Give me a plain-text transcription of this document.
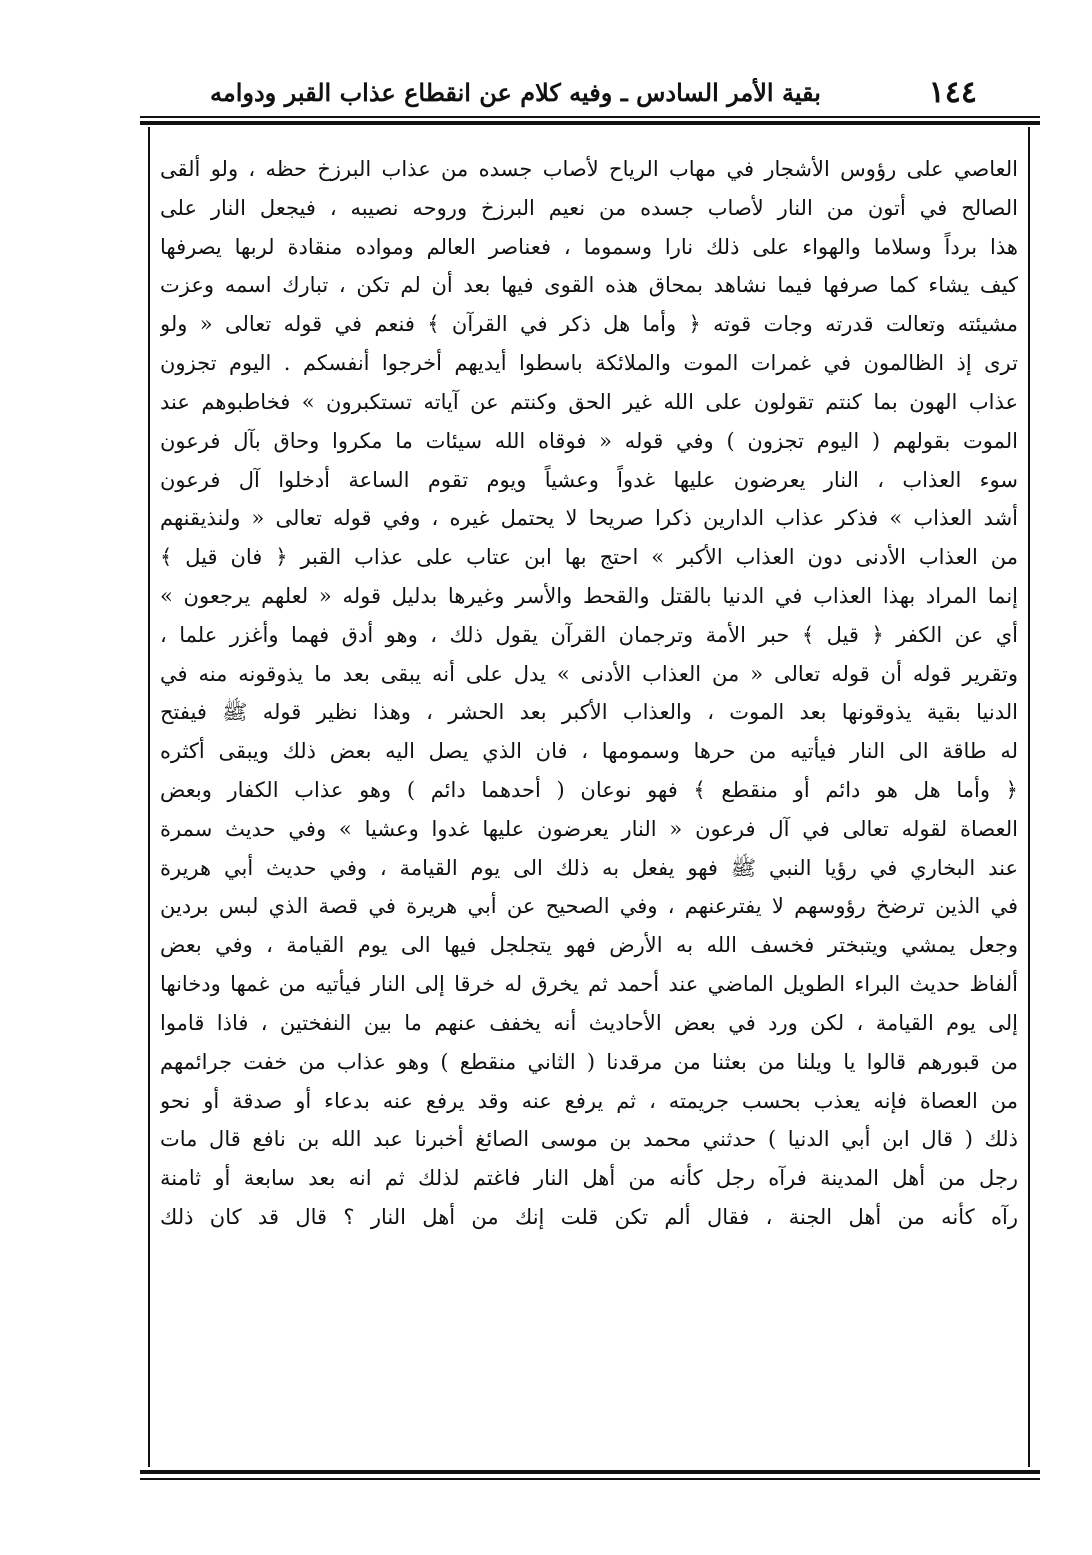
١٤٤
بقية الأمر السادس ـ وفيه كلام عن انقطاع عذاب القبر ودوامه
العاصي على رؤوس الأشجار في مهاب الرياح لأصاب جسده من عذاب البرزخ حظه ، ولو ألقى
الصالح في أتون من النار لأصاب جسده من نعيم البرزخ وروحه نصيبه ، فيجعل النار على
هذا برداً وسلاما والهواء على ذلك نارا وسموما ، فعناصر العالم ومواده منقادة لربها يصرفها
كيف يشاء كما صرفها فيما نشاهد بمحاق هذه القوى فيها بعد أن لم تكن ، تبارك اسمه وعزت
مشيئته وتعالت قدرته وجات قوته ﴿ وأما هل ذكر في القرآن ﴾ فنعم في قوله تعالى « ولو
ترى إذ الظالمون في غمرات الموت والملائكة باسطوا أيديهم أخرجوا أنفسكم . اليوم تجزون
عذاب الهون بما كنتم تقولون على الله غير الحق وكنتم عن آياته تستكبرون » فخاطبوهم عند
الموت بقولهم ( اليوم تجزون ) وفي قوله « فوقاه الله سيئات ما مكروا وحاق بآل فرعون
سوء العذاب ، النار يعرضون عليها غدواً وعشياً ويوم تقوم الساعة أدخلوا آل فرعون
أشد العذاب » فذكر عذاب الدارين ذكرا صريحا لا يحتمل غيره ، وفي قوله تعالى « ولنذيقنهم
من العذاب الأدنى دون العذاب الأكبر » احتج بها ابن عتاب على عذاب القبر ﴿ فان قيل ﴾
إنما المراد بهذا العذاب في الدنيا بالقتل والقحط والأسر وغيرها بدليل قوله « لعلهم يرجعون »
أي عن الكفر ﴿ قيل ﴾ حبر الأمة وترجمان القرآن يقول ذلك ، وهو أدق فهما وأغزر علما ،
وتقرير قوله أن قوله تعالى « من العذاب الأدنى » يدل على أنه يبقى بعد ما يذوقونه منه في
الدنيا بقية يذوقونها بعد الموت ، والعذاب الأكبر بعد الحشر ، وهذا نظير قوله ﷺ فيفتح
له طاقة الى النار فيأتيه من حرها وسمومها ، فان الذي يصل اليه بعض ذلك ويبقى أكثره
﴿ وأما هل هو دائم أو منقطع ﴾ فهو نوعان ( أحدهما دائم ) وهو عذاب الكفار وبعض
العصاة لقوله تعالى في آل فرعون « النار يعرضون عليها غدوا وعشيا » وفي حديث سمرة
عند البخاري في رؤيا النبي ﷺ فهو يفعل به ذلك الى يوم القيامة ، وفي حديث أبي هريرة
في الذين ترضخ رؤوسهم لا يفترعنهم ، وفي الصحيح عن أبي هريرة في قصة الذي لبس بردين
وجعل يمشي ويتبختر فخسف الله به الأرض فهو يتجلجل فيها الى يوم القيامة ، وفي بعض
ألفاظ حديث البراء الطويل الماضي عند أحمد ثم يخرق له خرقا إلى النار فيأتيه من غمها ودخانها
إلى يوم القيامة ، لكن ورد في بعض الأحاديث أنه يخفف عنهم ما بين النفختين ، فاذا قاموا
من قبورهم قالوا يا ويلنا من بعثنا من مرقدنا ( الثاني منقطع ) وهو عذاب من خفت جرائمهم
من العصاة فإنه يعذب بحسب جريمته ، ثم يرفع عنه وقد يرفع عنه بدعاء أو صدقة أو نحو
ذلك ( قال ابن أبي الدنيا ) حدثني محمد بن موسى الصائغ أخبرنا عبد الله بن نافع قال مات
رجل من أهل المدينة فرآه رجل كأنه من أهل النار فاغتم لذلك ثم انه بعد سابعة أو ثامنة
رآه كأنه من أهل الجنة ، فقال ألم تكن قلت إنك من أهل النار ؟ قال قد كان ذلك
